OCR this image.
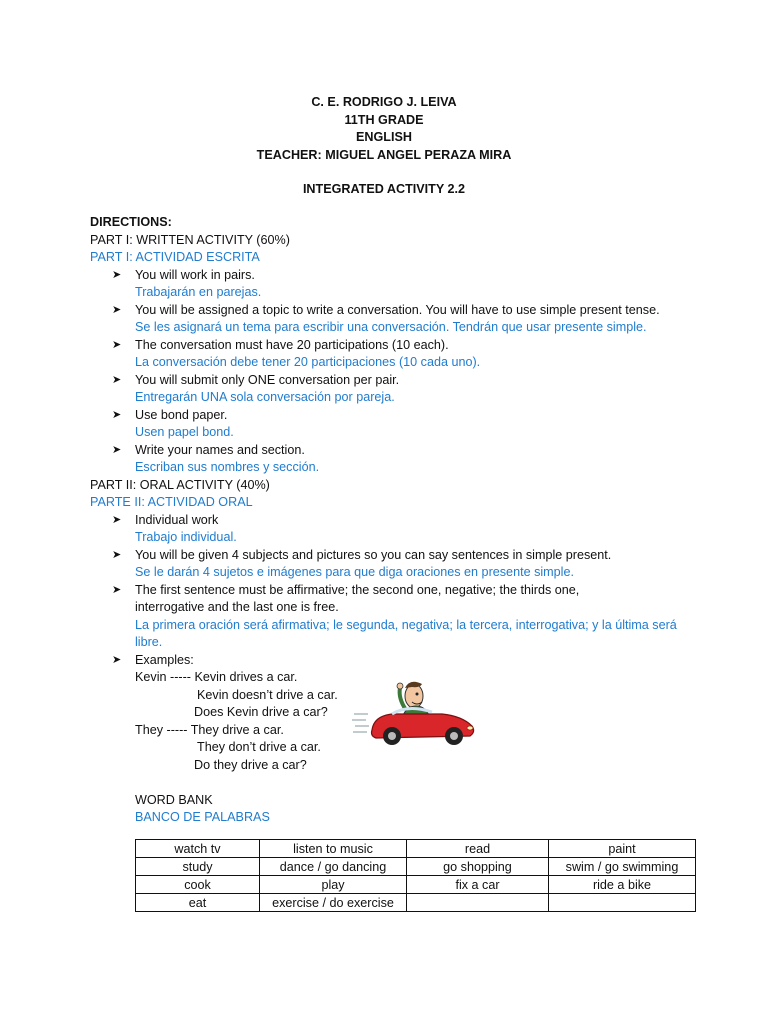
C. E. RODRIGO J. LEIVA
11TH GRADE
ENGLISH
TEACHER: MIGUEL ANGEL PERAZA MIRA
INTEGRATED ACTIVITY 2.2
DIRECTIONS:
PART I: WRITTEN ACTIVITY (60%)
PART I: ACTIVIDAD ESCRITA
➤ You will work in pairs.
Trabajarán en parejas.
➤ You will be assigned a topic to write a conversation. You will have to use simple present tense.
Se les asignará un tema para escribir una conversación. Tendrán que usar presente simple.
➤ The conversation must have 20 participations (10 each).
La conversación debe tener 20 participaciones (10 cada uno).
➤ You will submit only ONE conversation per pair.
Entregarán UNA sola conversación por pareja.
➤ Use bond paper.
Usen papel bond.
➤ Write your names and section.
Escriban sus nombres y sección.
PART II: ORAL ACTIVITY (40%)
PARTE II: ACTIVIDAD ORAL
➤ Individual work
Trabajo individual.
➤ You will be given 4 subjects and pictures so you can say sentences in simple present.
Se le darán 4 sujetos e imágenes para que diga oraciones en presente simple.
➤ The first sentence must be affirmative; the second one, negative; the thirds one, interrogative and the last one is free.
La primera oración será afirmativa; le segunda, negativa; la tercera, interrogativa; y la última será libre.
➤ Examples:
Kevin ----- Kevin drives a car.
Kevin doesn’t drive a car.
Does Kevin drive a car?
They ----- They drive a car.
They don’t drive a car.
Do they drive a car?
WORD BANK
BANCO DE PALABRAS
watch tv	listen to music	read	paint
study	dance / go dancing	go shopping	swim / go swimming
cook	play	fix a car	ride a bike
eat	exercise / do exercise		
